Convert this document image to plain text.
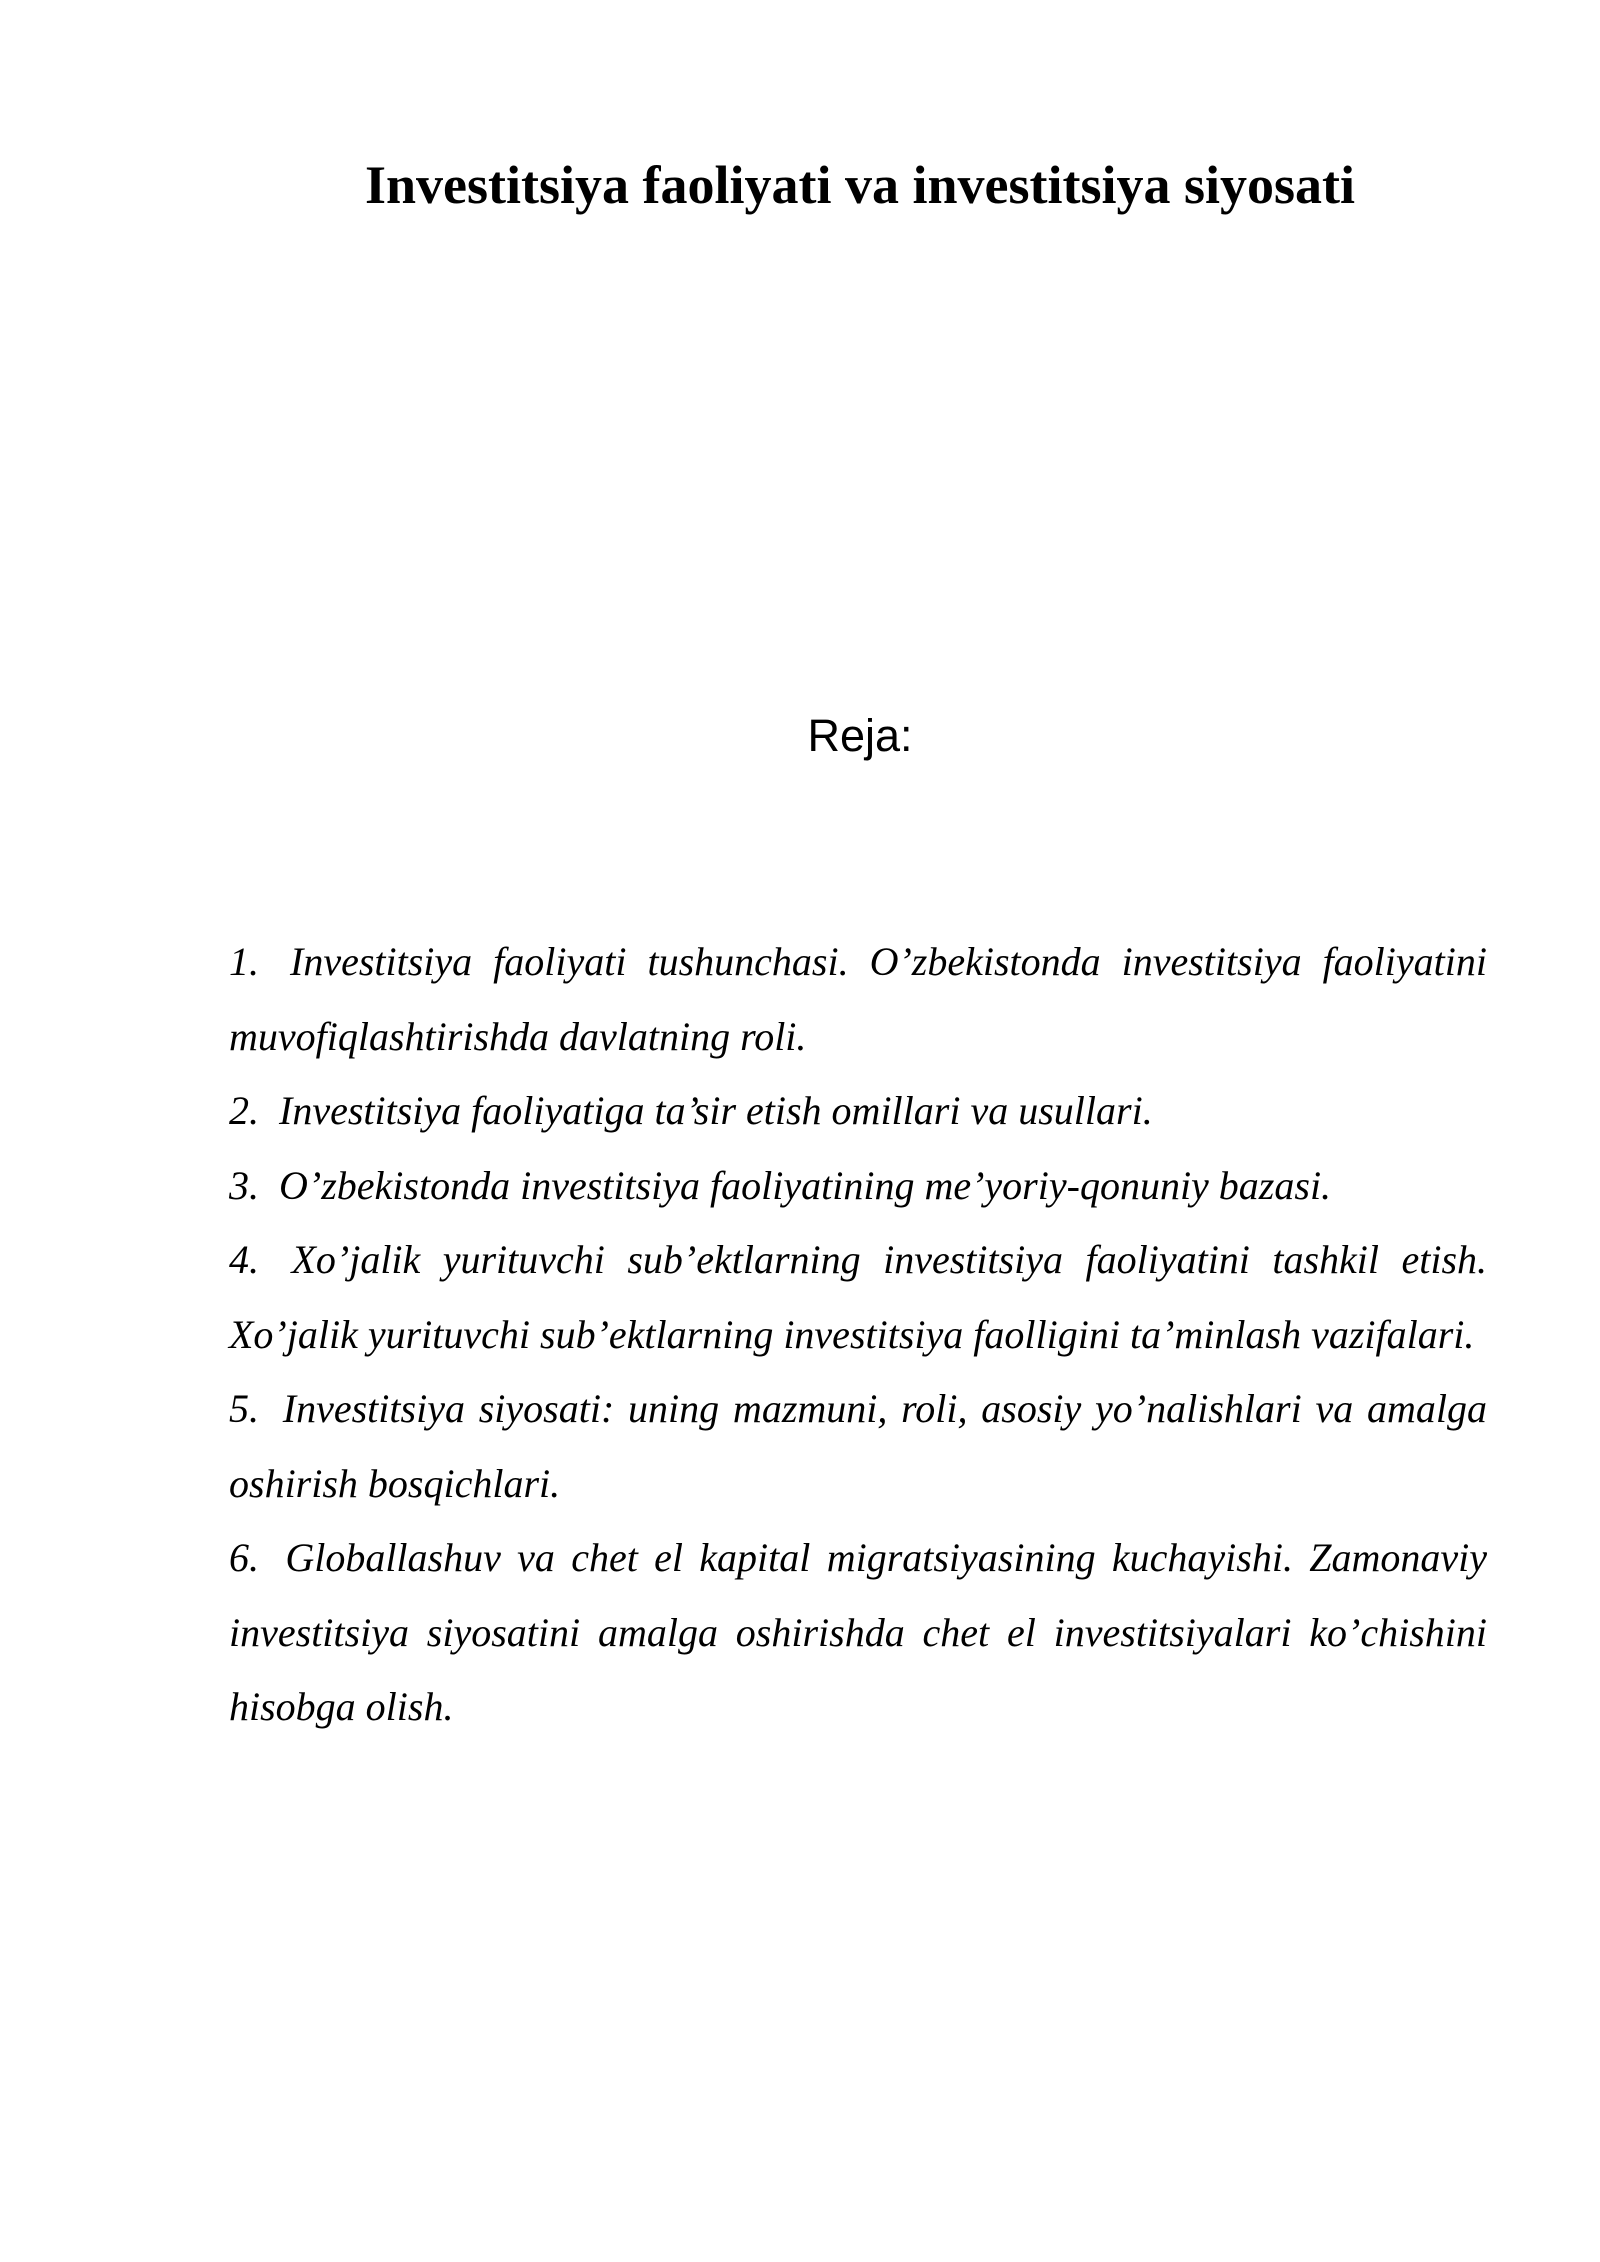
Investitsiya faoliyati va investitsiya siyosati
Reja:
1. Investitsiya faoliyati tushunchasi. O’zbekistonda investitsiya faoliyatini muvofiqlashtirishda davlatning roli.
2. Investitsiya faoliyatiga ta’sir etish omillari va usullari.
3. O’zbekistonda investitsiya faoliyatining me’yoriy-qonuniy bazasi.
4. Xo’jalik yurituvchi sub’ektlarning investitsiya faoliyatini tashkil etish. Xo’jalik yurituvchi sub’ektlarning investitsiya faolligini ta’minlash vazifalari.
5. Investitsiya siyosati: uning mazmuni, roli, asosiy yo’nalishlari va amalga oshirish bosqichlari.
6. Globallashuv va chet el kapital migratsiyasining kuchayishi. Zamonaviy investitsiya siyosatini amalga oshirishda chet el investitsiyalari ko’chishini hisobga olish.
